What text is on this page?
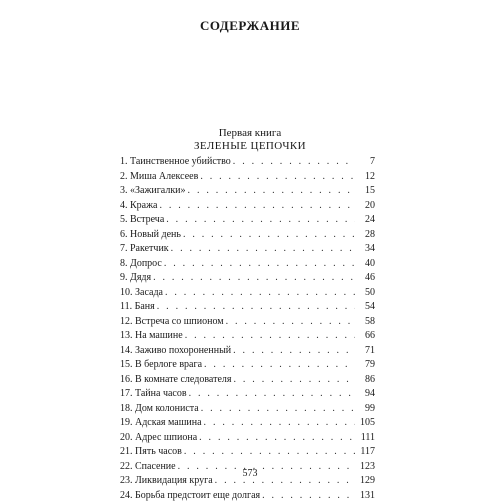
СОДЕРЖАНИЕ
Первая книга
ЗЕЛЕНЫЕ ЦЕПОЧКИ
1. Таинственное убийство . . .	7
2. Миша Алексеев . . .	12
3. «Зажигалки» . . .	15
4. Кража . . .	20
5. Встреча . . .	24
6. Новый день . . .	28
7. Ракетчик . . .	34
8. Допрос . . .	40
9. Дядя . . .	46
10. Засада . . .	50
11. Баня . . .	54
12. Встреча со шпионом . . .	58
13. На машине . . .	66
14. Заживо похороненный . . .	71
15. В берлоге врага . . .	79
16. В комнате следователя . . .	86
17. Тайна часов . . .	94
18. Дом колониста . . .	99
19. Адская машина . . .	105
20. Адрес шпиона . . .	111
21. Пять часов . . .	117
22. Спасение . . .	123
23. Ликвидация круга . . .	129
24. Борьба предстоит еще долгая . . .	131
573
